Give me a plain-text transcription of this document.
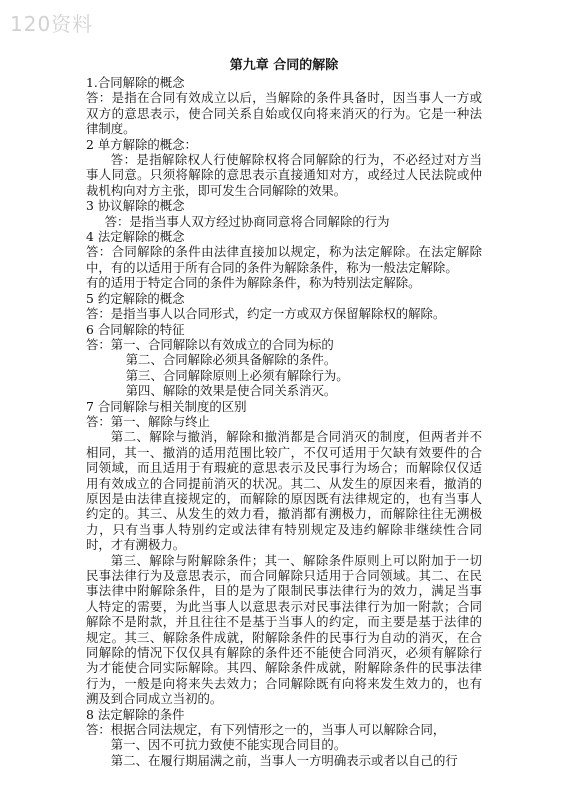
120资料
第九章 合同的解除
1.合同解除的概念
答：是指在合同有效成立以后，当解除的条件具备时，因当事人一方或双方的意思表示，使合同关系自始或仅向将来消灭的行为。它是一种法律制度。
2 单方解除的概念：
答：是指解除权人行使解除权将合同解除的行为，不必经过对方当事人同意。只须将解除的意思表示直接通知对方，或经过人民法院或仲裁机构向对方主张，即可发生合同解除的效果。
3 协议解除的概念
答：是指当事人双方经过协商同意将合同解除的行为
4 法定解除的概念
答：合同解除的条件由法律直接加以规定，称为法定解除。在法定解除中，有的以适用于所有合同的条件为解除条件，称为一般法定解除。
有的适用于特定合同的条件为解除条件，称为特别法定解除。
5 约定解除的概念
答：是指当事人以合同形式，约定一方或双方保留解除权的解除。
6 合同解除的特征
答：第一、合同解除以有效成立的合同为标的
第二、合同解除必须具备解除的条件。
第三、合同解除原则上必须有解除行为。
第四、解除的效果是使合同关系消灭。
7 合同解除与相关制度的区别
答：第一、解除与终止
第二、解除与撤消，解除和撤消都是合同消灭的制度，但两者并不相同，其一、撤消的适用范围比较广，不仅可适用于欠缺有效要件的合同领域，而且适用于有瑕疵的意思表示及民事行为场合；而解除仅仅适用有效成立的合同提前消灭的状况。其二、从发生的原因来看，撤消的原因是由法律直接规定的，而解除的原因既有法律规定的，也有当事人约定的。其三、从发生的效力看，撤消都有溯极力，而解除往往无溯极力，只有当事人特别约定或法律有特别规定及违约解除非继续性合同时，才有溯极力。
第三、解除与附解除条件；其一、解除条件原则上可以附加于一切民事法律行为及意思表示，而合同解除只适用于合同领域。其二、在民事法律中附解除条件，目的是为了限制民事法律行为的效力，满足当事人特定的需要，为此当事人以意思表示对民事法律行为加一附款；合同解除不是附款，并且往往不是基于当事人的约定，而主要是基于法律的规定。其三、解除条件成就，附解除条件的民事行为自动的消灭，在合同解除的情况下仅仅具有解除的条件还不能使合同消灭，必须有解除行为才能使合同实际解除。其四、解除条件成就，附解除条件的民事法律行为，一般是向将来失去效力；合同解除既有向将来发生效力的，也有溯及到合同成立当初的。
8 法定解除的条件
答：根据合同法规定，有下列情形之一的，当事人可以解除合同，
第一、因不可抗力致使不能实现合同目的。
第二、在履行期届满之前，当事人一方明确表示或者以自己的行
